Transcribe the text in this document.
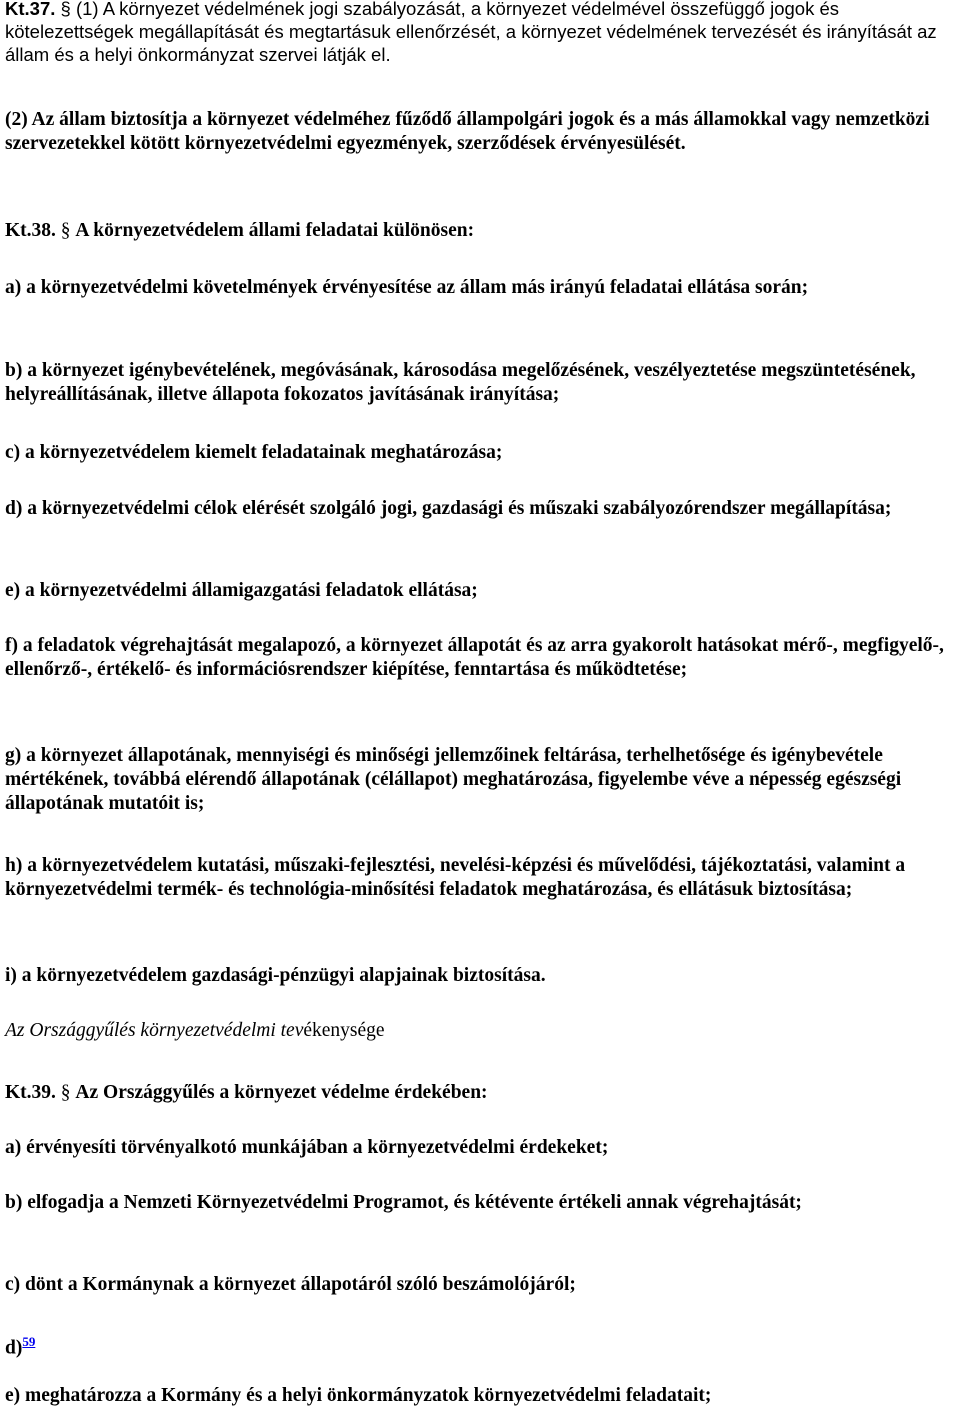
Kt.37. § (1) A környezet védelmének jogi szabályozását, a környezet védelmével összefüggő jogok és kötelezettségek megállapítását és megtartásuk ellenőrzését, a környezet védelmének tervezését és irányítását az állam és a helyi önkormányzat szervei látják el.

(2) Az állam biztosítja a környezet védelméhez fűződő állampolgári jogok és a más államokkal vagy nemzetközi szervezetekkel kötött környezetvédelmi egyezmények, szerződések érvényesülését.

Kt.38. § A környezetvédelem állami feladatai különösen:

a) a környezetvédelmi követelmények érvényesítése az állam más irányú feladatai ellátása során;

b) a környezet igénybevételének, megóvásának, károsodása megelőzésének, veszélyeztetése megszüntetésének, helyreállításának, illetve állapota fokozatos javításának irányítása;

c) a környezetvédelem kiemelt feladatainak meghatározása;

d) a környezetvédelmi célok elérését szolgáló jogi, gazdasági és műszaki szabályozórendszer megállapítása;

e) a környezetvédelmi államigazgatási feladatok ellátása;

f) a feladatok végrehajtását megalapozó, a környezet állapotát és az arra gyakorolt hatásokat mérő-, megfigyelő-, ellenőrző-, értékelő- és információsrendszer kiépítése, fenntartása és működtetése;

g) a környezet állapotának, mennyiségi és minőségi jellemzőinek feltárása, terhelhetősége és igénybevétele mértékének, továbbá elérendő állapotának (célállapot) meghatározása, figyelembe véve a népesség egészségi állapotának mutatóit is;

h) a környezetvédelem kutatási, műszaki-fejlesztési, nevelési-képzési és művelődési, tájékoztatási, valamint a környezetvédelmi termék- és technológia-minősítési feladatok meghatározása, és ellátásuk biztosítása;

i) a környezetvédelem gazdasági-pénzügyi alapjainak biztosítása.

Az Országgyűlés környezetvédelmi tevékenysége

Kt.39. § Az Országgyűlés a környezet védelme érdekében:

a) érvényesíti törvényalkotó munkájában a környezetvédelmi érdekeket;

b) elfogadja a Nemzeti Környezetvédelmi Programot, és kétévente értékeli annak végrehajtását;

c) dönt a Kormánynak a környezet állapotáról szóló beszámolójáról;

d)$^{59}$

e) meghatározza a Kormány és a helyi önkormányzatok környezetvédelmi feladatait;
